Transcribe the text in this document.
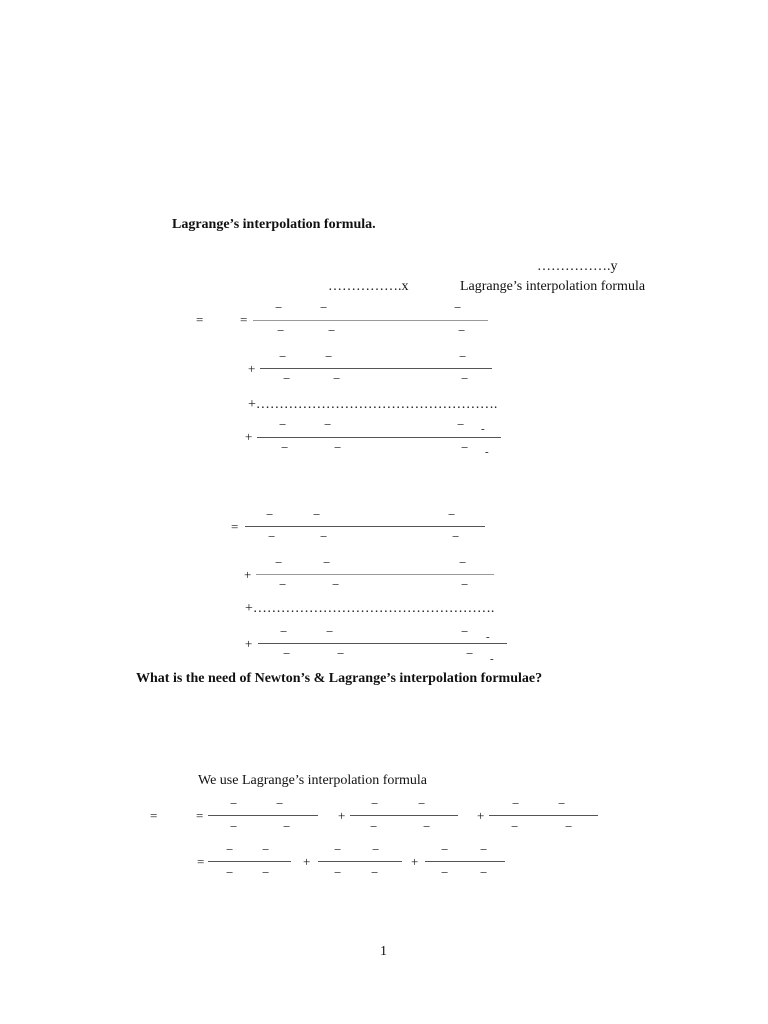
Lagrange’s interpolation formula.
…………….y
…………….x	Lagrange’s interpolation formula
=	=
−	−	−
−	−	−
+
−	−	−
−	−	−
+…………………………………………….
+
−	−	− -
−	−	− -
=
−	−	−
−	−	−
+
−	−	−
−	−	−
+…………………………………………….
+
−	−	− -
−	−	− -
What is the need of Newton’s & Lagrange’s interpolation formulae?
We use Lagrange’s interpolation formula
=	=
−	−
−	−
+
−	−
−	−
+
−	−
−	−
=
− −
− −
+
− −
− −
+
− −
− −
1
